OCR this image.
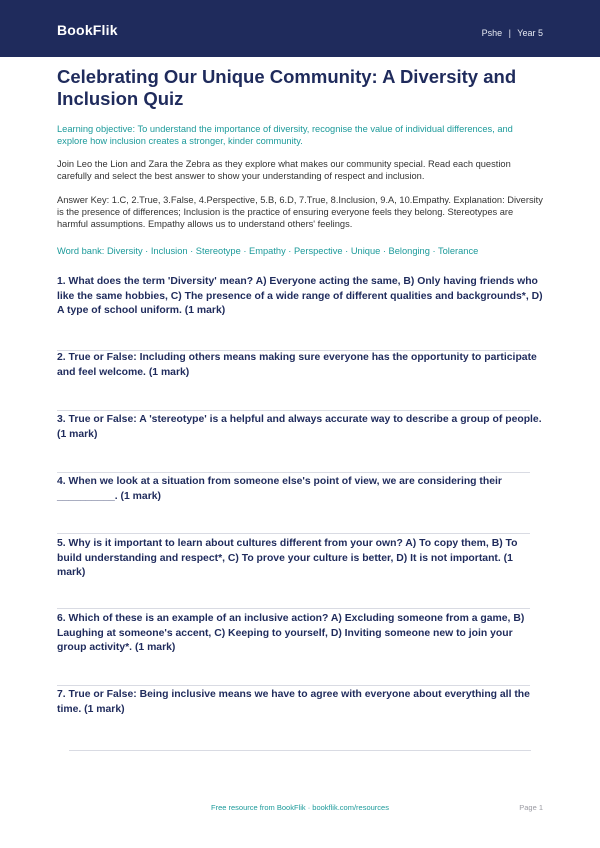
BookFlik	Pshe | Year 5
Celebrating Our Unique Community: A Diversity and Inclusion Quiz
Learning objective: To understand the importance of diversity, recognise the value of individual differences, and explore how inclusion creates a stronger, kinder community.
Join Leo the Lion and Zara the Zebra as they explore what makes our community special. Read each question carefully and select the best answer to show your understanding of respect and inclusion.
Answer Key: 1.C, 2.True, 3.False, 4.Perspective, 5.B, 6.D, 7.True, 8.Inclusion, 9.A, 10.Empathy. Explanation: Diversity is the presence of differences; Inclusion is the practice of ensuring everyone feels they belong. Stereotypes are harmful assumptions. Empathy allows us to understand others' feelings.
Word bank: Diversity · Inclusion · Stereotype · Empathy · Perspective · Unique · Belonging · Tolerance
1. What does the term 'Diversity' mean? A) Everyone acting the same, B) Only having friends who like the same hobbies, C) The presence of a wide range of different qualities and backgrounds*, D) A type of school uniform. (1 mark)
2. True or False: Including others means making sure everyone has the opportunity to participate and feel welcome. (1 mark)
3. True or False: A 'stereotype' is a helpful and always accurate way to describe a group of people. (1 mark)
4. When we look at a situation from someone else's point of view, we are considering their __________. (1 mark)
5. Why is it important to learn about cultures different from your own? A) To copy them, B) To build understanding and respect*, C) To prove your culture is better, D) It is not important. (1 mark)
6. Which of these is an example of an inclusive action? A) Excluding someone from a game, B) Laughing at someone's accent, C) Keeping to yourself, D) Inviting someone new to join your group activity*. (1 mark)
7. True or False: Being inclusive means we have to agree with everyone about everything all the time. (1 mark)
Free resource from BookFlik · bookflik.com/resources	Page 1
